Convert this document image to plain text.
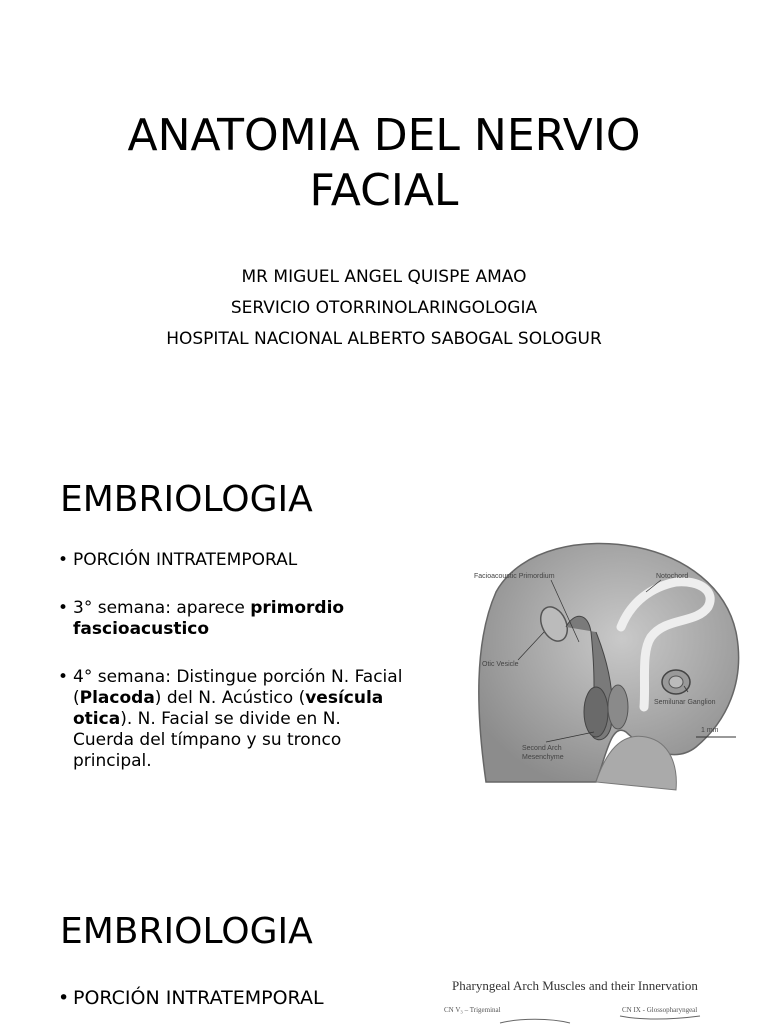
ANATOMIA DEL NERVIO
FACIAL
MR MIGUEL ANGEL QUISPE AMAO
SERVICIO OTORRINOLARINGOLOGIA
HOSPITAL NACIONAL ALBERTO SABOGAL SOLOGUR
EMBRIOLOGIA
• PORCIÓN INTRATEMPORAL
• 3° semana: aparece primordio fascioacustico
• 4° semana: Distingue porción N. Facial (Placoda) del N. Acústico (vesícula otica). N. Facial se divide en N. Cuerda del tímpano y su tronco principal.
Facioacoustic Primordium	Notochord
Otic Vesicle
Semilunar Ganglion
Second Arch
Mesenchyme
1 mm
EMBRIOLOGIA
• PORCIÓN INTRATEMPORAL
Pharyngeal Arch Muscles and their Innervation
CN V₃ – Trigeminal	CN IX - Glossopharyngeal
